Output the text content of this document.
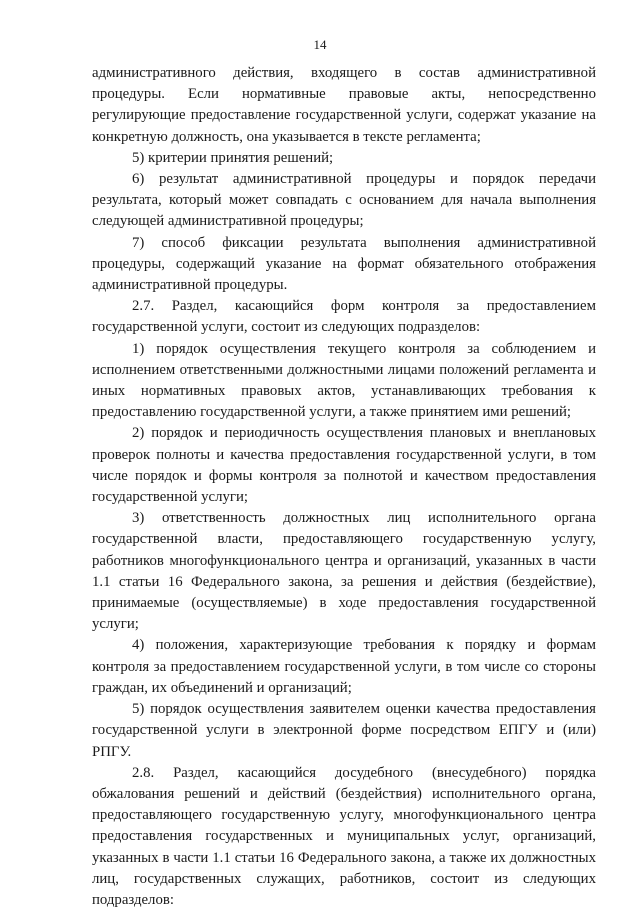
14

административного действия, входящего в состав административной процедуры. Если нормативные правовые акты, непосредственно регулирующие предоставление государственной услуги, содержат указание на конкретную должность, она указывается в тексте регламента;

5) критерии принятия решений;

6) результат административной процедуры и порядок передачи результата, который может совпадать с основанием для начала выполнения следующей административной процедуры;

7) способ фиксации результата выполнения административной процедуры, содержащий указание на формат обязательного отображения административной процедуры.

2.7. Раздел, касающийся форм контроля за предоставлением государственной услуги, состоит из следующих подразделов:

1) порядок осуществления текущего контроля за соблюдением и исполнением ответственными должностными лицами положений регламента и иных нормативных правовых актов, устанавливающих требования к предоставлению государственной услуги, а также принятием ими решений;

2) порядок и периодичность осуществления плановых и внеплановых проверок полноты и качества предоставления государственной услуги, в том числе порядок и формы контроля за полнотой и качеством предоставления государственной услуги;

3) ответственность должностных лиц исполнительного органа государственной власти, предоставляющего государственную услугу, работников многофункционального центра и организаций, указанных в части 1.1 статьи 16 Федерального закона, за решения и действия (бездействие), принимаемые (осуществляемые) в ходе предоставления государственной услуги;

4) положения, характеризующие требования к порядку и формам контроля за предоставлением государственной услуги, в том числе со стороны граждан, их объединений и организаций;

5) порядок осуществления заявителем оценки качества предоставления государственной услуги в электронной форме посредством ЕПГУ и (или) РПГУ.

2.8. Раздел, касающийся досудебного (внесудебного) порядка обжалования решений и действий (бездействия) исполнительного органа, предоставляющего государственную услугу, многофункционального центра предоставления государственных и муниципальных услуг, организаций, указанных в части 1.1 статьи 16 Федерального закона, а также их должностных лиц, государственных служащих, работников, состоит из следующих подразделов:
